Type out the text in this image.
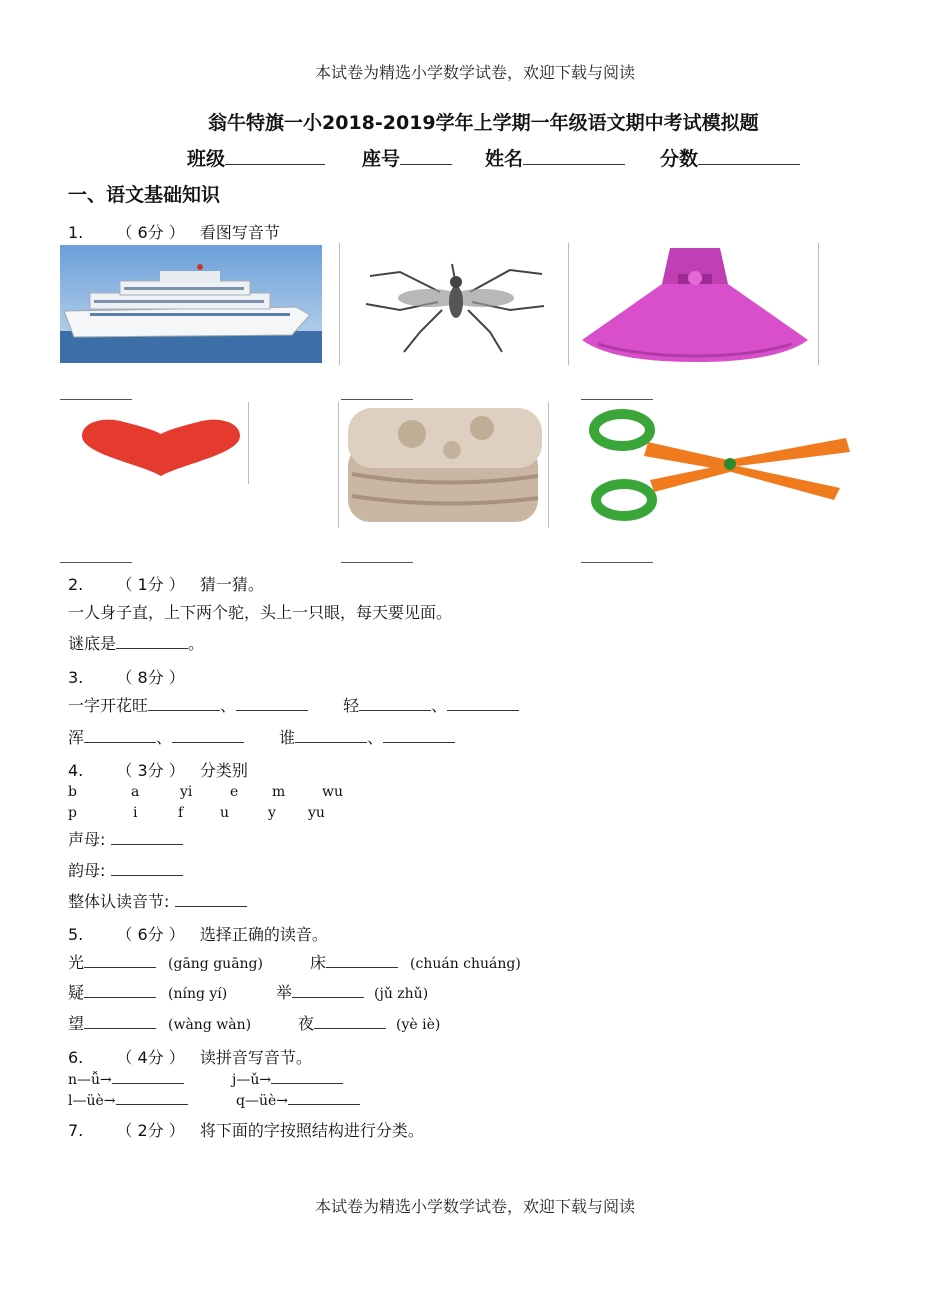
本试卷为精选小学数学试卷，欢迎下载与阅读
翁牛特旗一小2018-2019学年上学期一年级语文期中考试模拟题
班级	座号	姓名	分数
一、语文基础知识
1. （ 6分 ） 看图写音节
2. （ 1分 ） 猜一猜。
一人身子直，上下两个驼，头上一只眼，每天要见面。
谜底是	。
3. （ 8分 ）
一字开花旺	、	轻	、
浑	、	谁	、
4. （ 3分 ） 分类别
b	a	yi	e m	wu
p	i	f	u	y yu
声母:
韵母:
整体认读音节:
5. （ 6分 ） 选择正确的读音。
光	(gāng guāng)	床	(chuán chuáng)
疑	(níng yí)	举	(jǔ zhǔ)
望	(wàng wàn)	夜	(yè iè)
6. （ 4分 ） 读拼音写音节。
n—ǚ→	j—ǔ→
l—üè→	q—üè→
7. （ 2分 ） 将下面的字按照结构进行分类。
本试卷为精选小学数学试卷，欢迎下载与阅读
